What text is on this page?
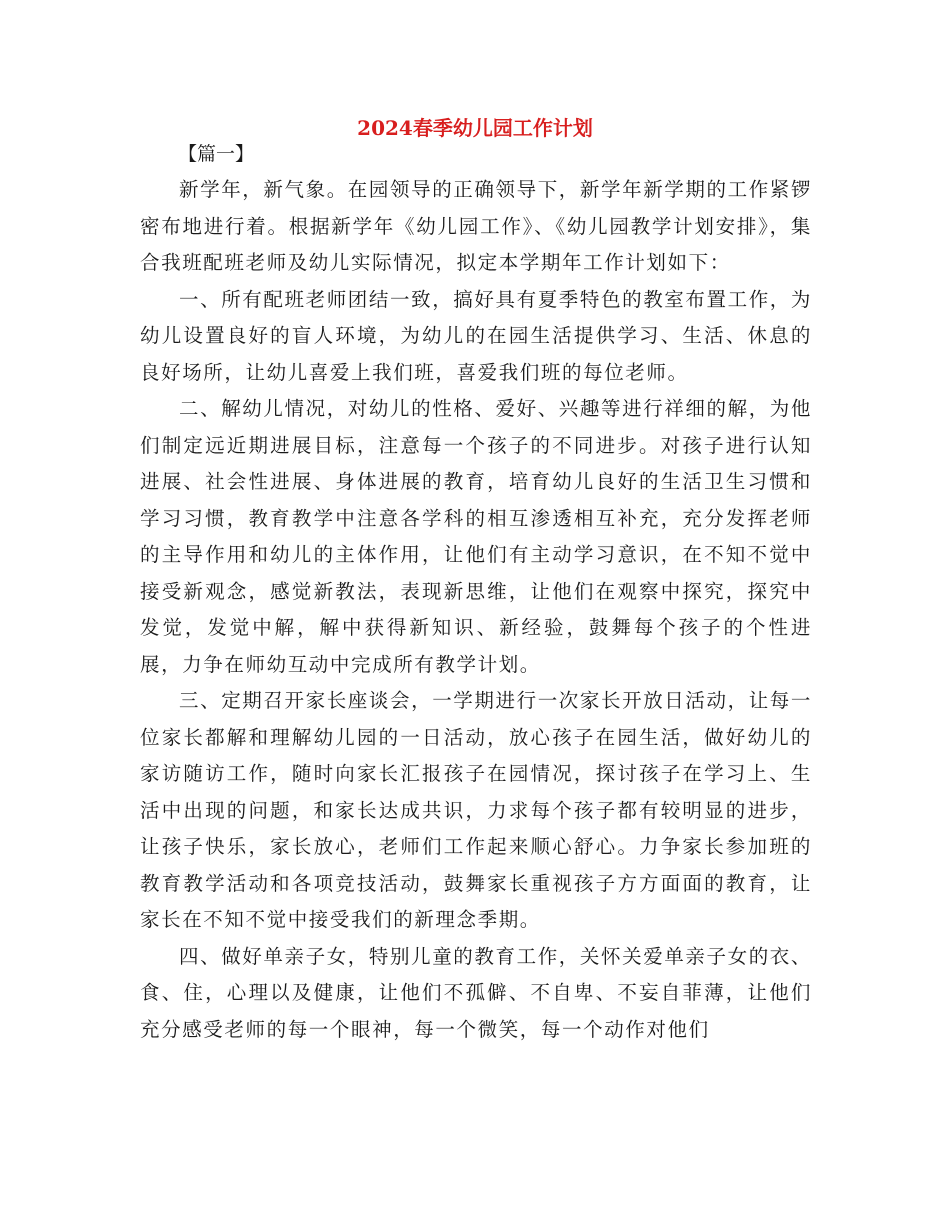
2024春季幼儿园工作计划
【篇一】

新学年，新气象。在园领导的正确领导下，新学年新学期的工作紧锣密布地进行着。根据新学年《幼儿园工作》、《幼儿园教学计划安排》，集合我班配班老师及幼儿实际情况，拟定本学期年工作计划如下：

一、所有配班老师团结一致，搞好具有夏季特色的教室布置工作，为幼儿设置良好的盲人环境，为幼儿的在园生活提供学习、生活、休息的良好场所，让幼儿喜爱上我们班，喜爱我们班的每位老师。

二、解幼儿情况，对幼儿的性格、爱好、兴趣等进行祥细的解，为他们制定远近期进展目标，注意每一个孩子的不同进步。对孩子进行认知进展、社会性进展、身体进展的教育，培育幼儿良好的生活卫生习惯和学习习惯，教育教学中注意各学科的相互渗透相互补充，充分发挥老师的主导作用和幼儿的主体作用，让他们有主动学习意识，在不知不觉中接受新观念，感觉新教法，表现新思维，让他们在观察中探究，探究中发觉，发觉中解，解中获得新知识、新经验，鼓舞每个孩子的个性进展，力争在师幼互动中完成所有教学计划。

三、定期召开家长座谈会，一学期进行一次家长开放日活动，让每一位家长都解和理解幼儿园的一日活动，放心孩子在园生活，做好幼儿的家访随访工作，随时向家长汇报孩子在园情况，探讨孩子在学习上、生活中出现的问题，和家长达成共识，力求每个孩子都有较明显的进步，让孩子快乐，家长放心，老师们工作起来顺心舒心。力争家长参加班的教育教学活动和各项竞技活动，鼓舞家长重视孩子方方面面的教育，让家长在不知不觉中接受我们的新理念季期。

四、做好单亲子女，特别儿童的教育工作，关怀关爱单亲子女的衣、食、住，心理以及健康，让他们不孤僻、不自卑、不妄自菲薄，让他们充分感受老师的每一个眼神，每一个微笑，每一个动作对他们
